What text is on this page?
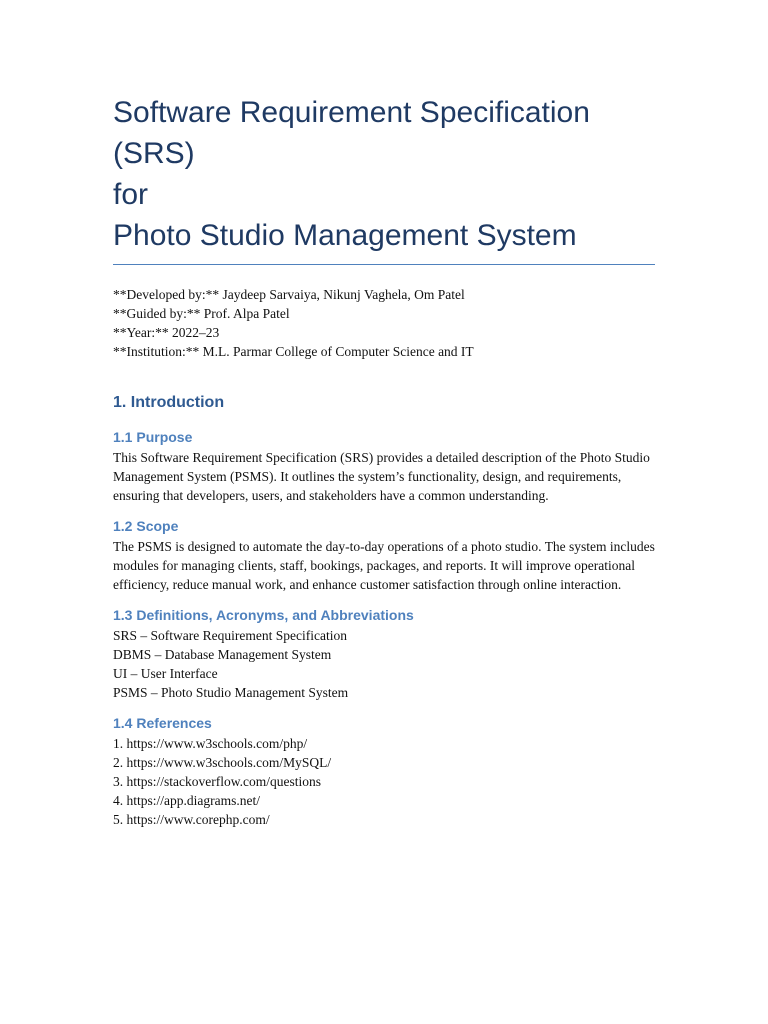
Software Requirement Specification

(SRS)

for

Photo Studio Management System

**Developed by:** Jaydeep Sarvaiya, Nikunj Vaghela, Om Patel

**Guided by:** Prof. Alpa Patel

**Year:** 2022–23

**Institution:** M.L. Parmar College of Computer Science and IT

1. Introduction
1.1 Purpose

This Software Requirement Specification (SRS) provides a detailed description of the Photo Studio Management System (PSMS). It outlines the system’s functionality, design, and requirements, ensuring that developers, users, and stakeholders have a common understanding.

1.2 Scope

The PSMS is designed to automate the day-to-day operations of a photo studio. The system includes modules for managing clients, staff, bookings, packages, and reports. It will improve operational efficiency, reduce manual work, and enhance customer satisfaction through online interaction.

1.3 Definitions, Acronyms, and Abbreviations

SRS – Software Requirement Specification

DBMS – Database Management System

UI – User Interface

PSMS – Photo Studio Management System

1.4 References

1. https://www.w3schools.com/php/

2. https://www.w3schools.com/MySQL/

3. https://stackoverflow.com/questions

4. https://app.diagrams.net/

5. https://www.corephp.com/
